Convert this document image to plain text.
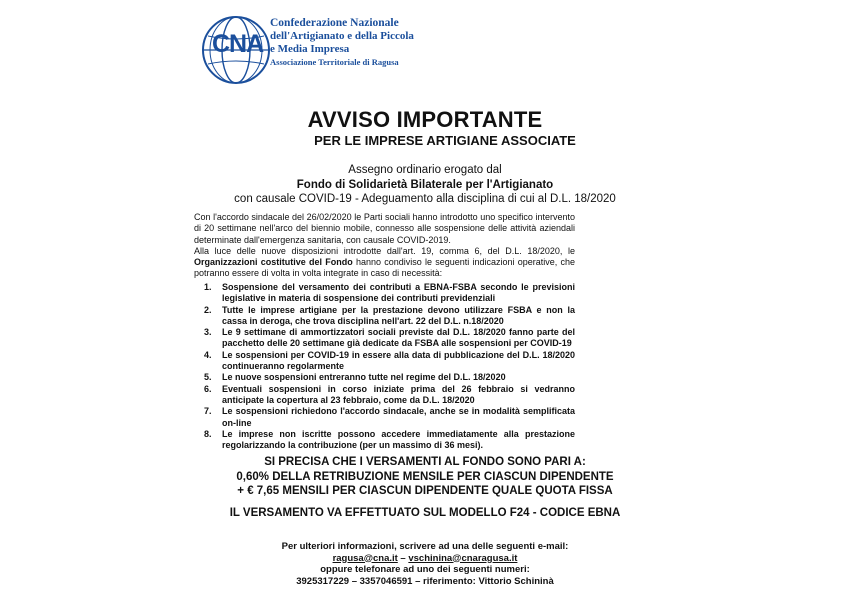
CNA
Confederazione Nazionale
dell'Artigianato e della Piccola
e Media Impresa
Associazione Territoriale di Ragusa
AVVISO IMPORTANTE
PER LE IMPRESE ARTIGIANE ASSOCIATE
Assegno ordinario erogato dal
Fondo di Solidarietà Bilaterale per l'Artigianato
con causale COVID-19 - Adeguamento alla disciplina di cui al D.L. 18/2020

Con l'accordo sindacale del 26/02/2020 le Parti sociali hanno introdotto uno specifico intervento di 20 settimane nell'arco del biennio mobile, connesso alle sospensione delle attività aziendali determinate dall'emergenza sanitaria, con causale COVID-2019.

Alla luce delle nuove disposizioni introdotte dall'art. 19, comma 6, del D.L. 18/2020, le Organizzazioni costitutive del Fondo hanno condiviso le seguenti indicazioni operative, che potranno essere di volta in volta integrate in caso di necessità:

1.	Sospensione del versamento dei contributi a EBNA-FSBA secondo le previsioni legislative in materia di sospensione dei contributi previdenziali
2.	Tutte le imprese artigiane per la prestazione devono utilizzare FSBA e non la cassa in deroga, che trova disciplina nell'art. 22 del D.L. n.18/2020
3.	Le 9 settimane di ammortizzatori sociali previste dal D.L. 18/2020 fanno parte del pacchetto delle 20 settimane già dedicate da FSBA alle sospensioni per COVID-19
4.	Le sospensioni per COVID-19 in essere alla data di pubblicazione del D.L. 18/2020 continueranno regolarmente
5.	Le nuove sospensioni entreranno tutte nel regime del D.L. 18/2020
6.	Eventuali sospensioni in corso iniziate prima del 26 febbraio si vedranno anticipate la copertura al 23 febbraio, come da D.L. 18/2020
7.	Le sospensioni richiedono l'accordo sindacale, anche se in modalità semplificata on-line
8.	Le imprese non iscritte possono accedere immediatamente alla prestazione regolarizzando la contribuzione (per un massimo di 36 mesi).
SI PRECISA CHE I VERSAMENTI AL FONDO SONO PARI A:
0,60% DELLA RETRIBUZIONE MENSILE PER CIASCUN DIPENDENTE
+ € 7,65 MENSILI PER CIASCUN DIPENDENTE QUALE QUOTA FISSA
IL VERSAMENTO VA EFFETTUATO SUL MODELLO F24 - CODICE EBNA
Per ulteriori informazioni, scrivere ad una delle seguenti e-mail:
ragusa@cna.it – vschinina@cnaragusa.it
oppure telefonare ad uno dei seguenti numeri:
3925317229 – 3357046591 – riferimento: Vittorio Schininà
